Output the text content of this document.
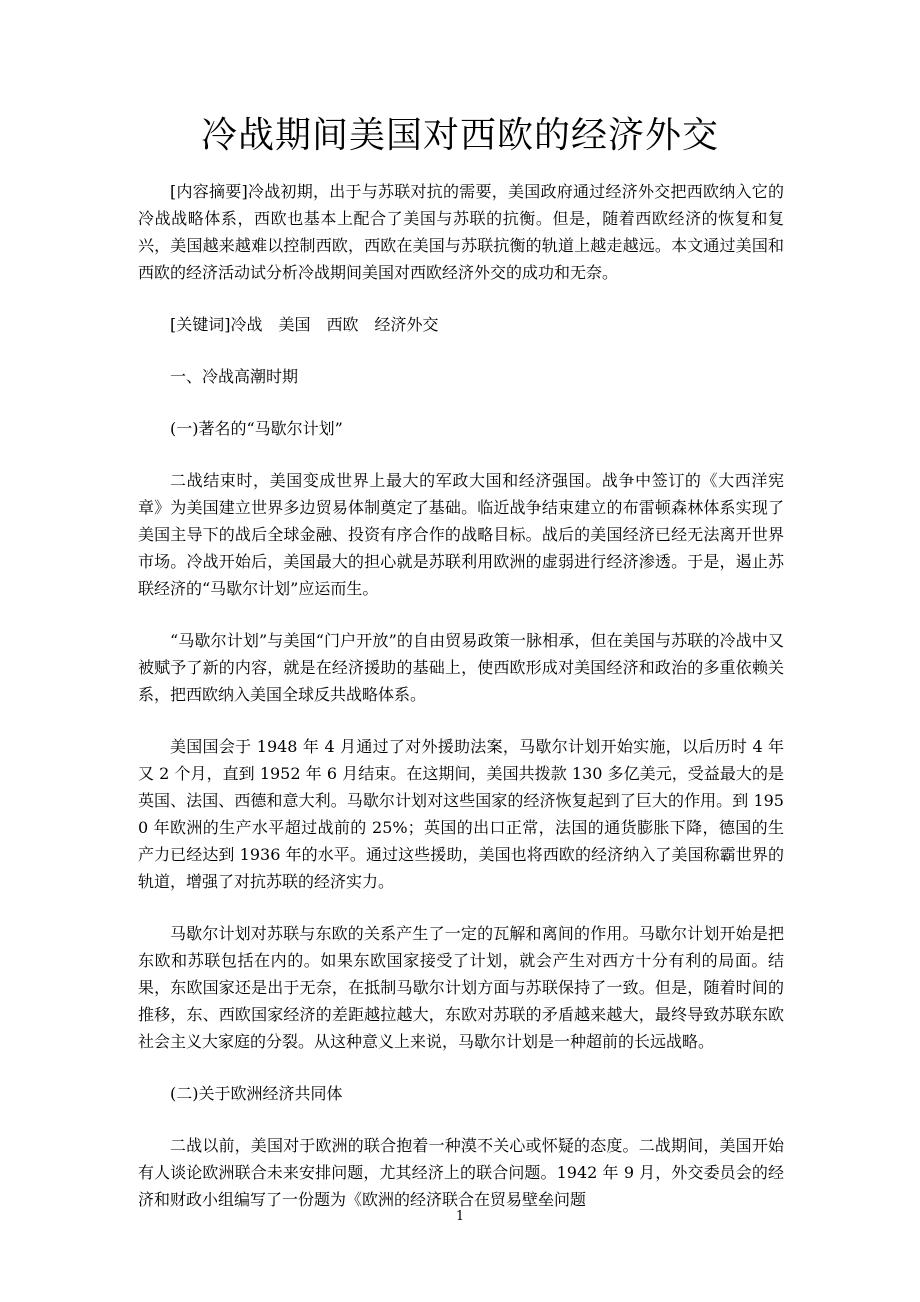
冷战期间美国对西欧的经济外交

[内容摘要]冷战初期，出于与苏联对抗的需要，美国政府通过经济外交把西欧纳入它的冷战战略体系，西欧也基本上配合了美国与苏联的抗衡。但是，随着西欧经济的恢复和复兴，美国越来越难以控制西欧，西欧在美国与苏联抗衡的轨道上越走越远。本文通过美国和西欧的经济活动试分析冷战期间美国对西欧经济外交的成功和无奈。

[关键词]冷战　美国　西欧　经济外交

一、冷战高潮时期

(一)著名的“马歇尔计划”

二战结束时，美国变成世界上最大的军政大国和经济强国。战争中签订的《大西洋宪章》为美国建立世界多边贸易体制奠定了基础。临近战争结束建立的布雷顿森林体系实现了美国主导下的战后全球金融、投资有序合作的战略目标。战后的美国经济已经无法离开世界市场。冷战开始后，美国最大的担心就是苏联利用欧洲的虚弱进行经济渗透。于是，遏止苏联经济的“马歇尔计划”应运而生。

“马歇尔计划”与美国“门户开放”的自由贸易政策一脉相承，但在美国与苏联的冷战中又被赋予了新的内容，就是在经济援助的基础上，使西欧形成对美国经济和政治的多重依赖关系，把西欧纳入美国全球反共战略体系。

美国国会于 1948 年 4 月通过了对外援助法案，马歇尔计划开始实施，以后历时 4 年又 2 个月，直到 1952 年 6 月结束。在这期间，美国共拨款 130 多亿美元，受益最大的是英国、法国、西德和意大利。马歇尔计划对这些国家的经济恢复起到了巨大的作用。到 1950 年欧洲的生产水平超过战前的 25%；英国的出口正常，法国的通货膨胀下降，德国的生产力已经达到 1936 年的水平。通过这些援助，美国也将西欧的经济纳入了美国称霸世界的轨道，增强了对抗苏联的经济实力。

马歇尔计划对苏联与东欧的关系产生了一定的瓦解和离间的作用。马歇尔计划开始是把东欧和苏联包括在内的。如果东欧国家接受了计划，就会产生对西方十分有利的局面。结果，东欧国家还是出于无奈，在抵制马歇尔计划方面与苏联保持了一致。但是，随着时间的推移，东、西欧国家经济的差距越拉越大，东欧对苏联的矛盾越来越大，最终导致苏联东欧社会主义大家庭的分裂。从这种意义上来说，马歇尔计划是一种超前的长远战略。

(二)关于欧洲经济共同体

二战以前，美国对于欧洲的联合抱着一种漠不关心或怀疑的态度。二战期间，美国开始有人谈论欧洲联合未来安排问题，尤其经济上的联合问题。1942 年 9 月，外交委员会的经济和财政小组编写了一份题为《欧洲的经济联合在贸易壁垒问题

1
